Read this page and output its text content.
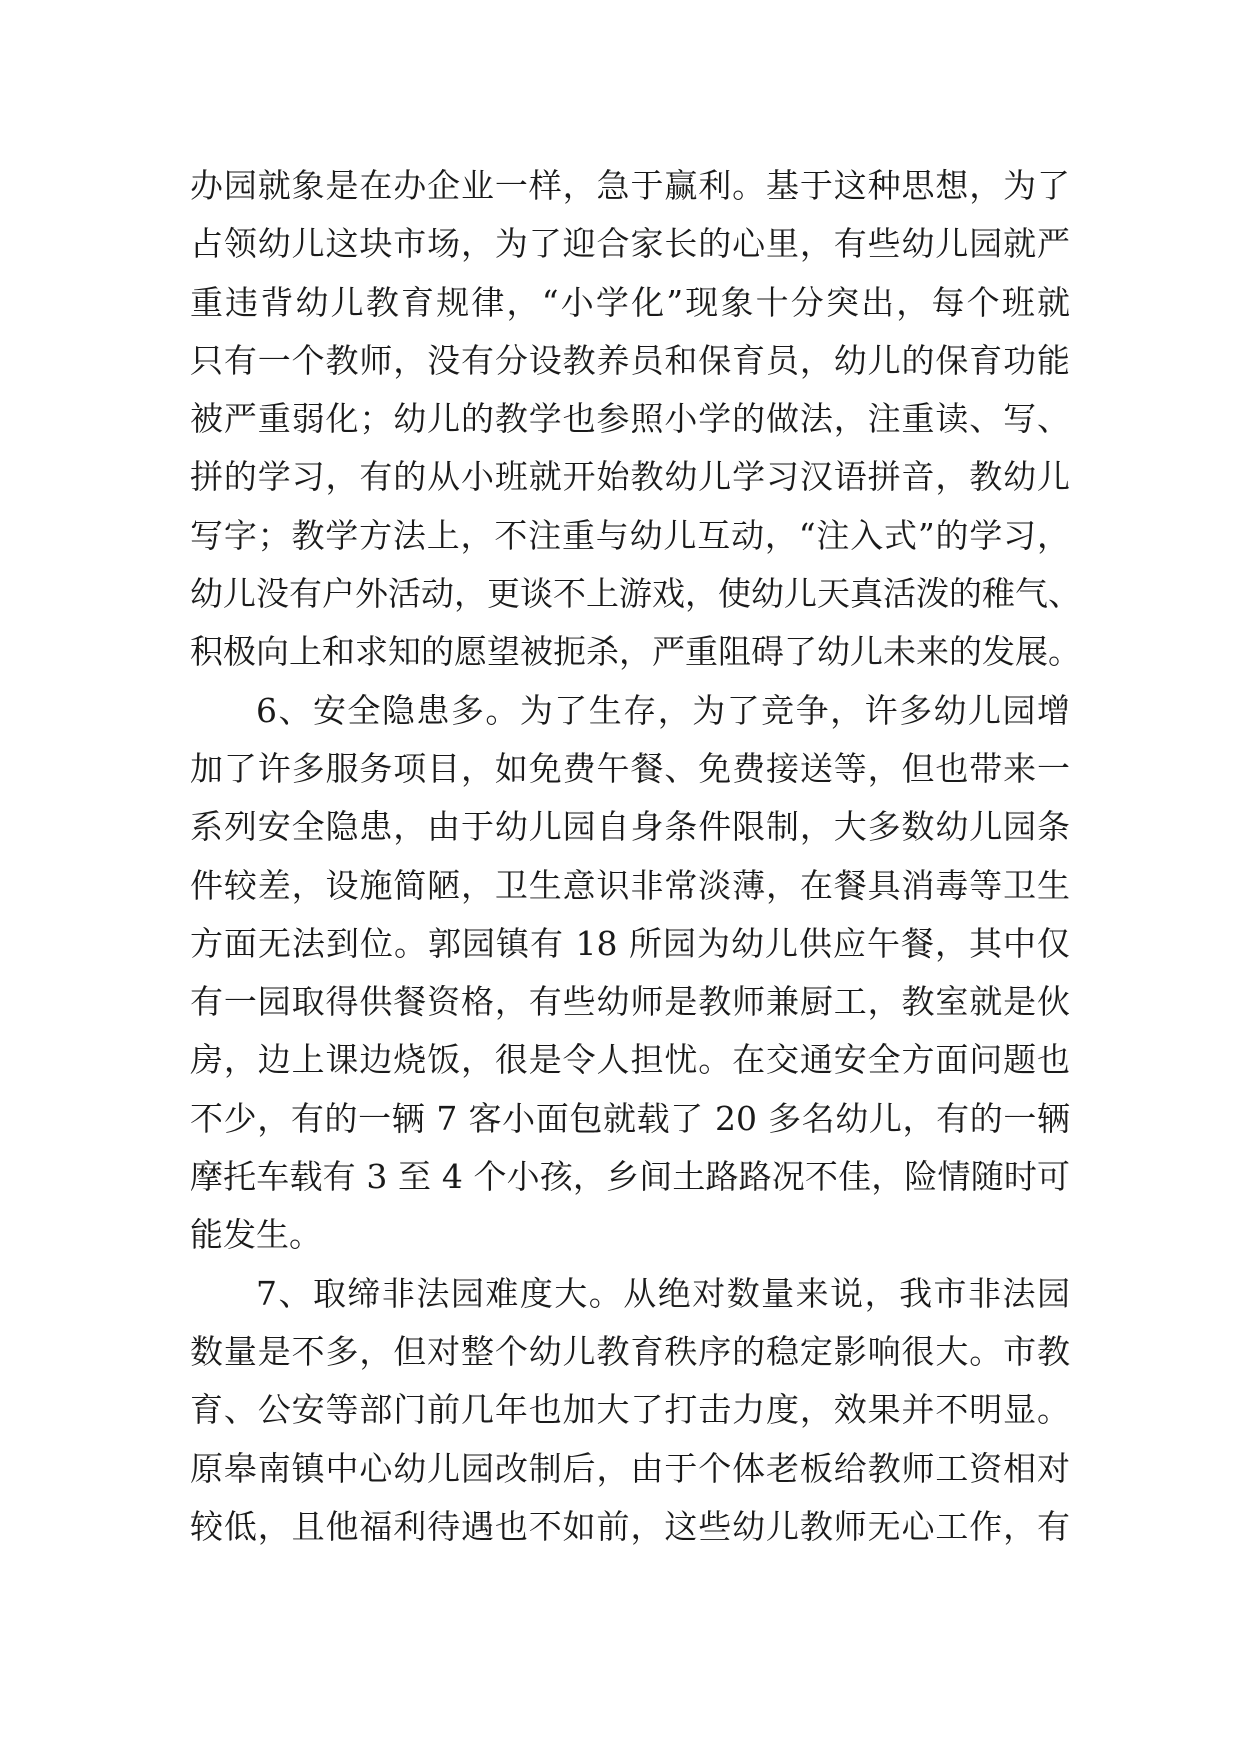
办园就象是在办企业一样，急于赢利。基于这种思想，为了
占领幼儿这块市场，为了迎合家长的心里，有些幼儿园就严
重违背幼儿教育规律，“小学化”现象十分突出，每个班就
只有一个教师，没有分设教养员和保育员，幼儿的保育功能
被严重弱化；幼儿的教学也参照小学的做法，注重读、写、
拼的学习，有的从小班就开始教幼儿学习汉语拼音，教幼儿
写字；教学方法上，不注重与幼儿互动，“注入式”的学习，
幼儿没有户外活动，更谈不上游戏，使幼儿天真活泼的稚气、
积极向上和求知的愿望被扼杀，严重阻碍了幼儿未来的发展。
6、安全隐患多。为了生存，为了竞争，许多幼儿园增
加了许多服务项目，如免费午餐、免费接送等，但也带来一
系列安全隐患，由于幼儿园自身条件限制，大多数幼儿园条
件较差，设施简陋，卫生意识非常淡薄，在餐具消毒等卫生
方面无法到位。郭园镇有 18 所园为幼儿供应午餐，其中仅
有一园取得供餐资格，有些幼师是教师兼厨工，教室就是伙
房，边上课边烧饭，很是令人担忧。在交通安全方面问题也
不少，有的一辆 7 客小面包就载了 20 多名幼儿，有的一辆
摩托车载有 3 至 4 个小孩，乡间土路路况不佳，险情随时可
能发生。
7、取缔非法园难度大。从绝对数量来说，我市非法园
数量是不多，但对整个幼儿教育秩序的稳定影响很大。市教
育、公安等部门前几年也加大了打击力度，效果并不明显。
原皋南镇中心幼儿园改制后，由于个体老板给教师工资相对
较低，且他福利待遇也不如前，这些幼儿教师无心工作，有
